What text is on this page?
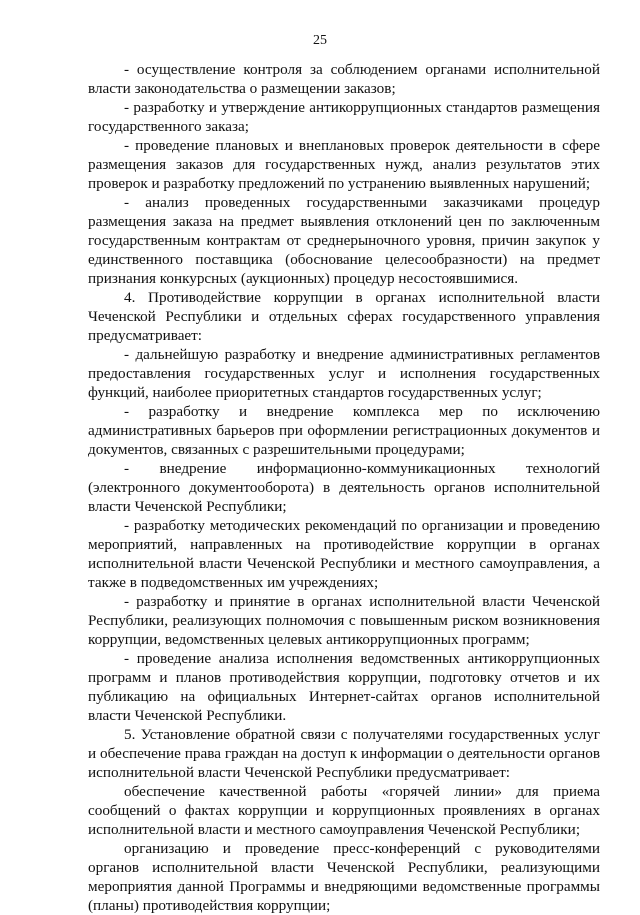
25

- осуществление контроля за соблюдением органами исполнительной власти законодательства о размещении заказов;

- разработку и утверждение антикоррупционных стандартов размещения государственного заказа;

- проведение плановых и внеплановых проверок деятельности в сфере размещения заказов для государственных нужд, анализ результатов этих проверок и разработку предложений по устранению выявленных нарушений;

- анализ проведенных государственными заказчиками процедур размещения заказа на предмет выявления отклонений цен по заключенным государственным контрактам от среднерыночного уровня, причин закупок у единственного поставщика (обоснование целесообразности) на предмет признания конкурсных (аукционных) процедур несостоявшимися.

4. Противодействие коррупции в органах исполнительной власти Чеченской Республики и отдельных сферах государственного управления предусматривает:

- дальнейшую разработку и внедрение административных регламентов предоставления государственных услуг и исполнения государственных функций, наиболее приоритетных стандартов государственных услуг;

- разработку и внедрение комплекса мер по исключению административных барьеров при оформлении регистрационных документов и документов, связанных с разрешительными процедурами;

- внедрение информационно-коммуникационных технологий (электронного документооборота) в деятельность органов исполнительной власти Чеченской Республики;

- разработку методических рекомендаций по организации и проведению мероприятий, направленных на противодействие коррупции в органах исполнительной власти Чеченской Республики и местного самоуправления, а также в подведомственных им учреждениях;

- разработку и принятие в органах исполнительной власти Чеченской Республики, реализующих полномочия с повышенным риском возникновения коррупции, ведомственных целевых антикоррупционных программ;

- проведение анализа исполнения ведомственных антикоррупционных программ и планов противодействия коррупции, подготовку отчетов и их публикацию на официальных Интернет-сайтах органов исполнительной власти Чеченской Республики.

5. Установление обратной связи с получателями государственных услуг и обеспечение права граждан на доступ к информации о деятельности органов исполнительной власти Чеченской Республики предусматривает:

обеспечение качественной работы «горячей линии» для приема сообщений о фактах коррупции и коррупционных проявлениях в органах исполнительной власти и местного самоуправления Чеченской Республики;

организацию и проведение пресс-конференций с руководителями органов исполнительной власти Чеченской Республики, реализующими мероприятия данной Программы и внедряющими ведомственные программы (планы) противодействия коррупции;
